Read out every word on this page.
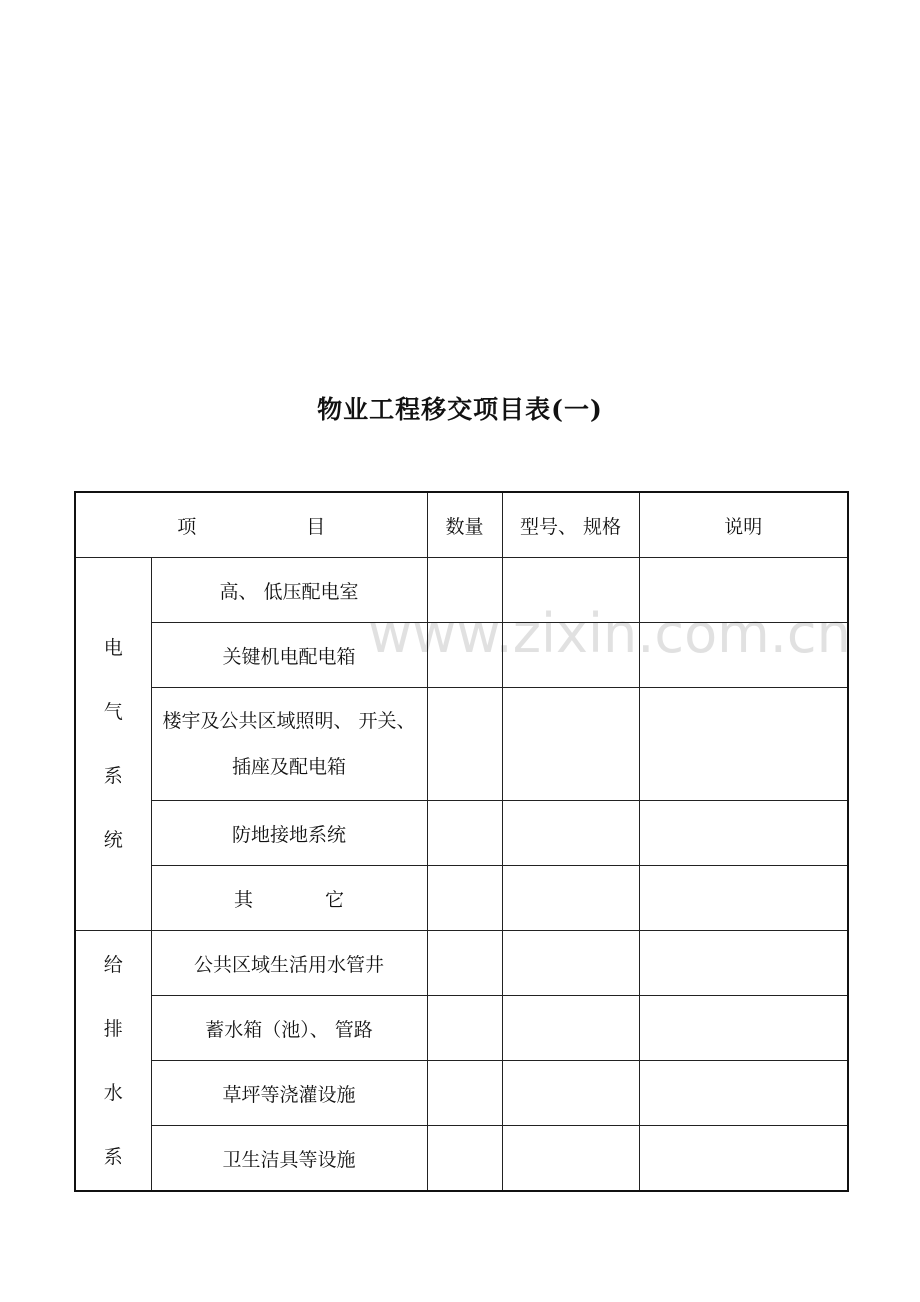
物业工程移交项目表(一)
www.zixin.com.cn
项 目		数量	型号、 规格	说明

电
气
系
统	高、 低压配电室			
	关键机电配电箱			
	楼宇及公共区域照明、 开关、 插座及配电箱			
	防地接地系统			
	其 它			

给
排
水
系	公共区域生活用水管井			
	蓄水箱（池）、 管路			
	草坪等浇灌设施			
	卫生洁具等设施			
